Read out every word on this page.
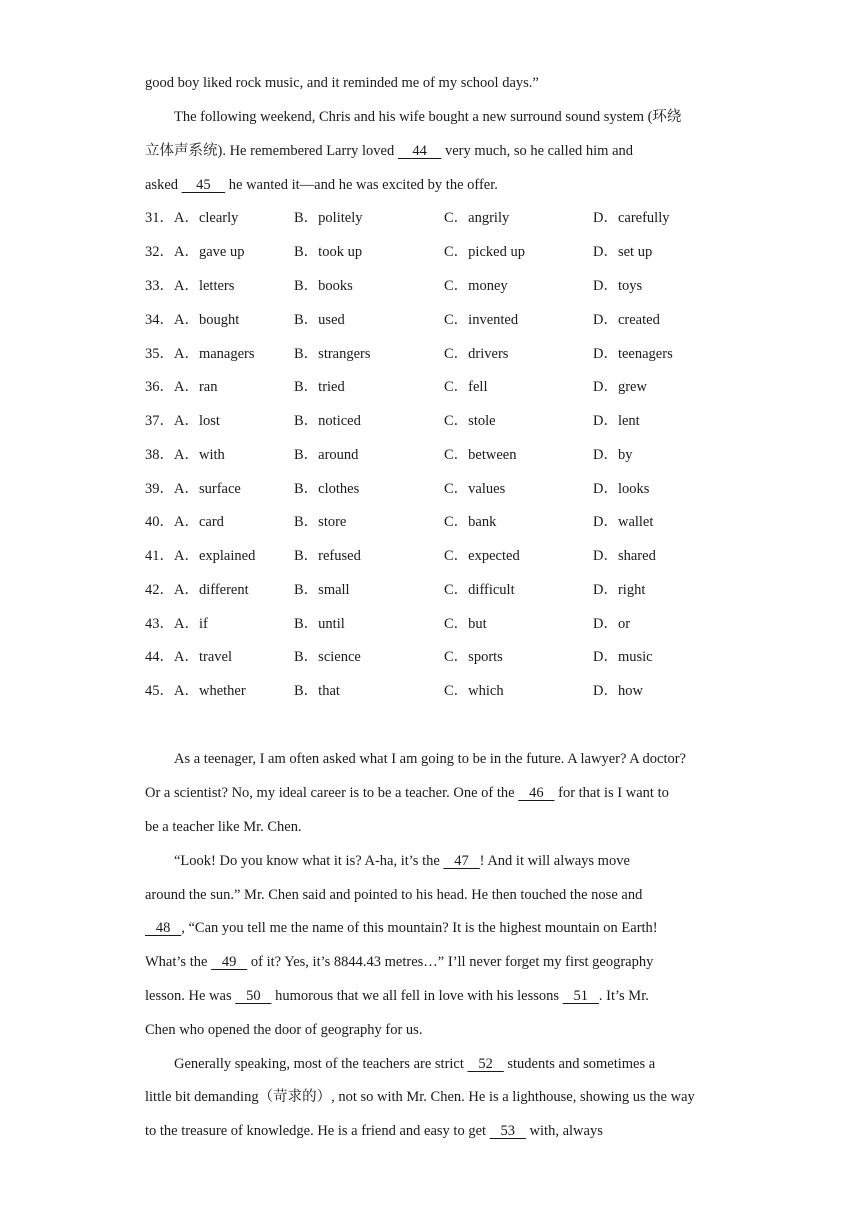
good boy liked rock music, and it reminded me of my school days.”
The following weekend, Chris and his wife bought a new surround sound system (环绕
立体声系统). He remembered Larry loved     44     very much, so he called him and
asked     45     he wanted it—and he was excited by the offer.
31． A．clearly	B．politely	C．angrily	D．carefully
32． A．gave up	B．took up	C．picked up	D．set up
33． A．letters	B．books	C．money	D．toys
34． A．bought	B．used	C．invented	D．created
35． A．managers	B．strangers	C．drivers	D．teenagers
36． A．ran	B．tried	C．fell	D．grew
37． A．lost	B．noticed	C．stole	D．lent
38． A．with	B．around	C．between	D．by
39． A．surface	B．clothes	C．values	D．looks
40． A．card	B．store	C．bank	D．wallet
41． A．explained	B．refused	C．expected	D．shared
42． A．different	B．small	C．difficult	D．right
43． A．if	B．until	C．but	D．or
44． A．travel	B．science	C．sports	D．music
45． A．whether	B．that	C．which	D．how
As a teenager, I am often asked what I am going to be in the future. A lawyer? A doctor?
Or a scientist? No, my ideal career is to be a teacher. One of the    46    for that is I want to
be a teacher like Mr. Chen.
“Look! Do you know what it is? A-ha, it’s the    47   ! And it will always move
around the sun.” Mr. Chen said and pointed to his head. He then touched the nose and
48   , “Can you tell me the name of this mountain? It is the highest mountain on Earth!
What’s the    49    of it? Yes, it’s 8844.43 metres…” I’ll never forget my first geography
lesson. He was    50    humorous that we all fell in love with his lessons    51   . It’s Mr.
Chen who opened the door of geography for us.
Generally speaking, most of the teachers are strict    52    students and sometimes a
little bit demanding（苛求的）, not so with Mr. Chen. He is a lighthouse, showing us the way
to the treasure of knowledge. He is a friend and easy to get    53    with, always
